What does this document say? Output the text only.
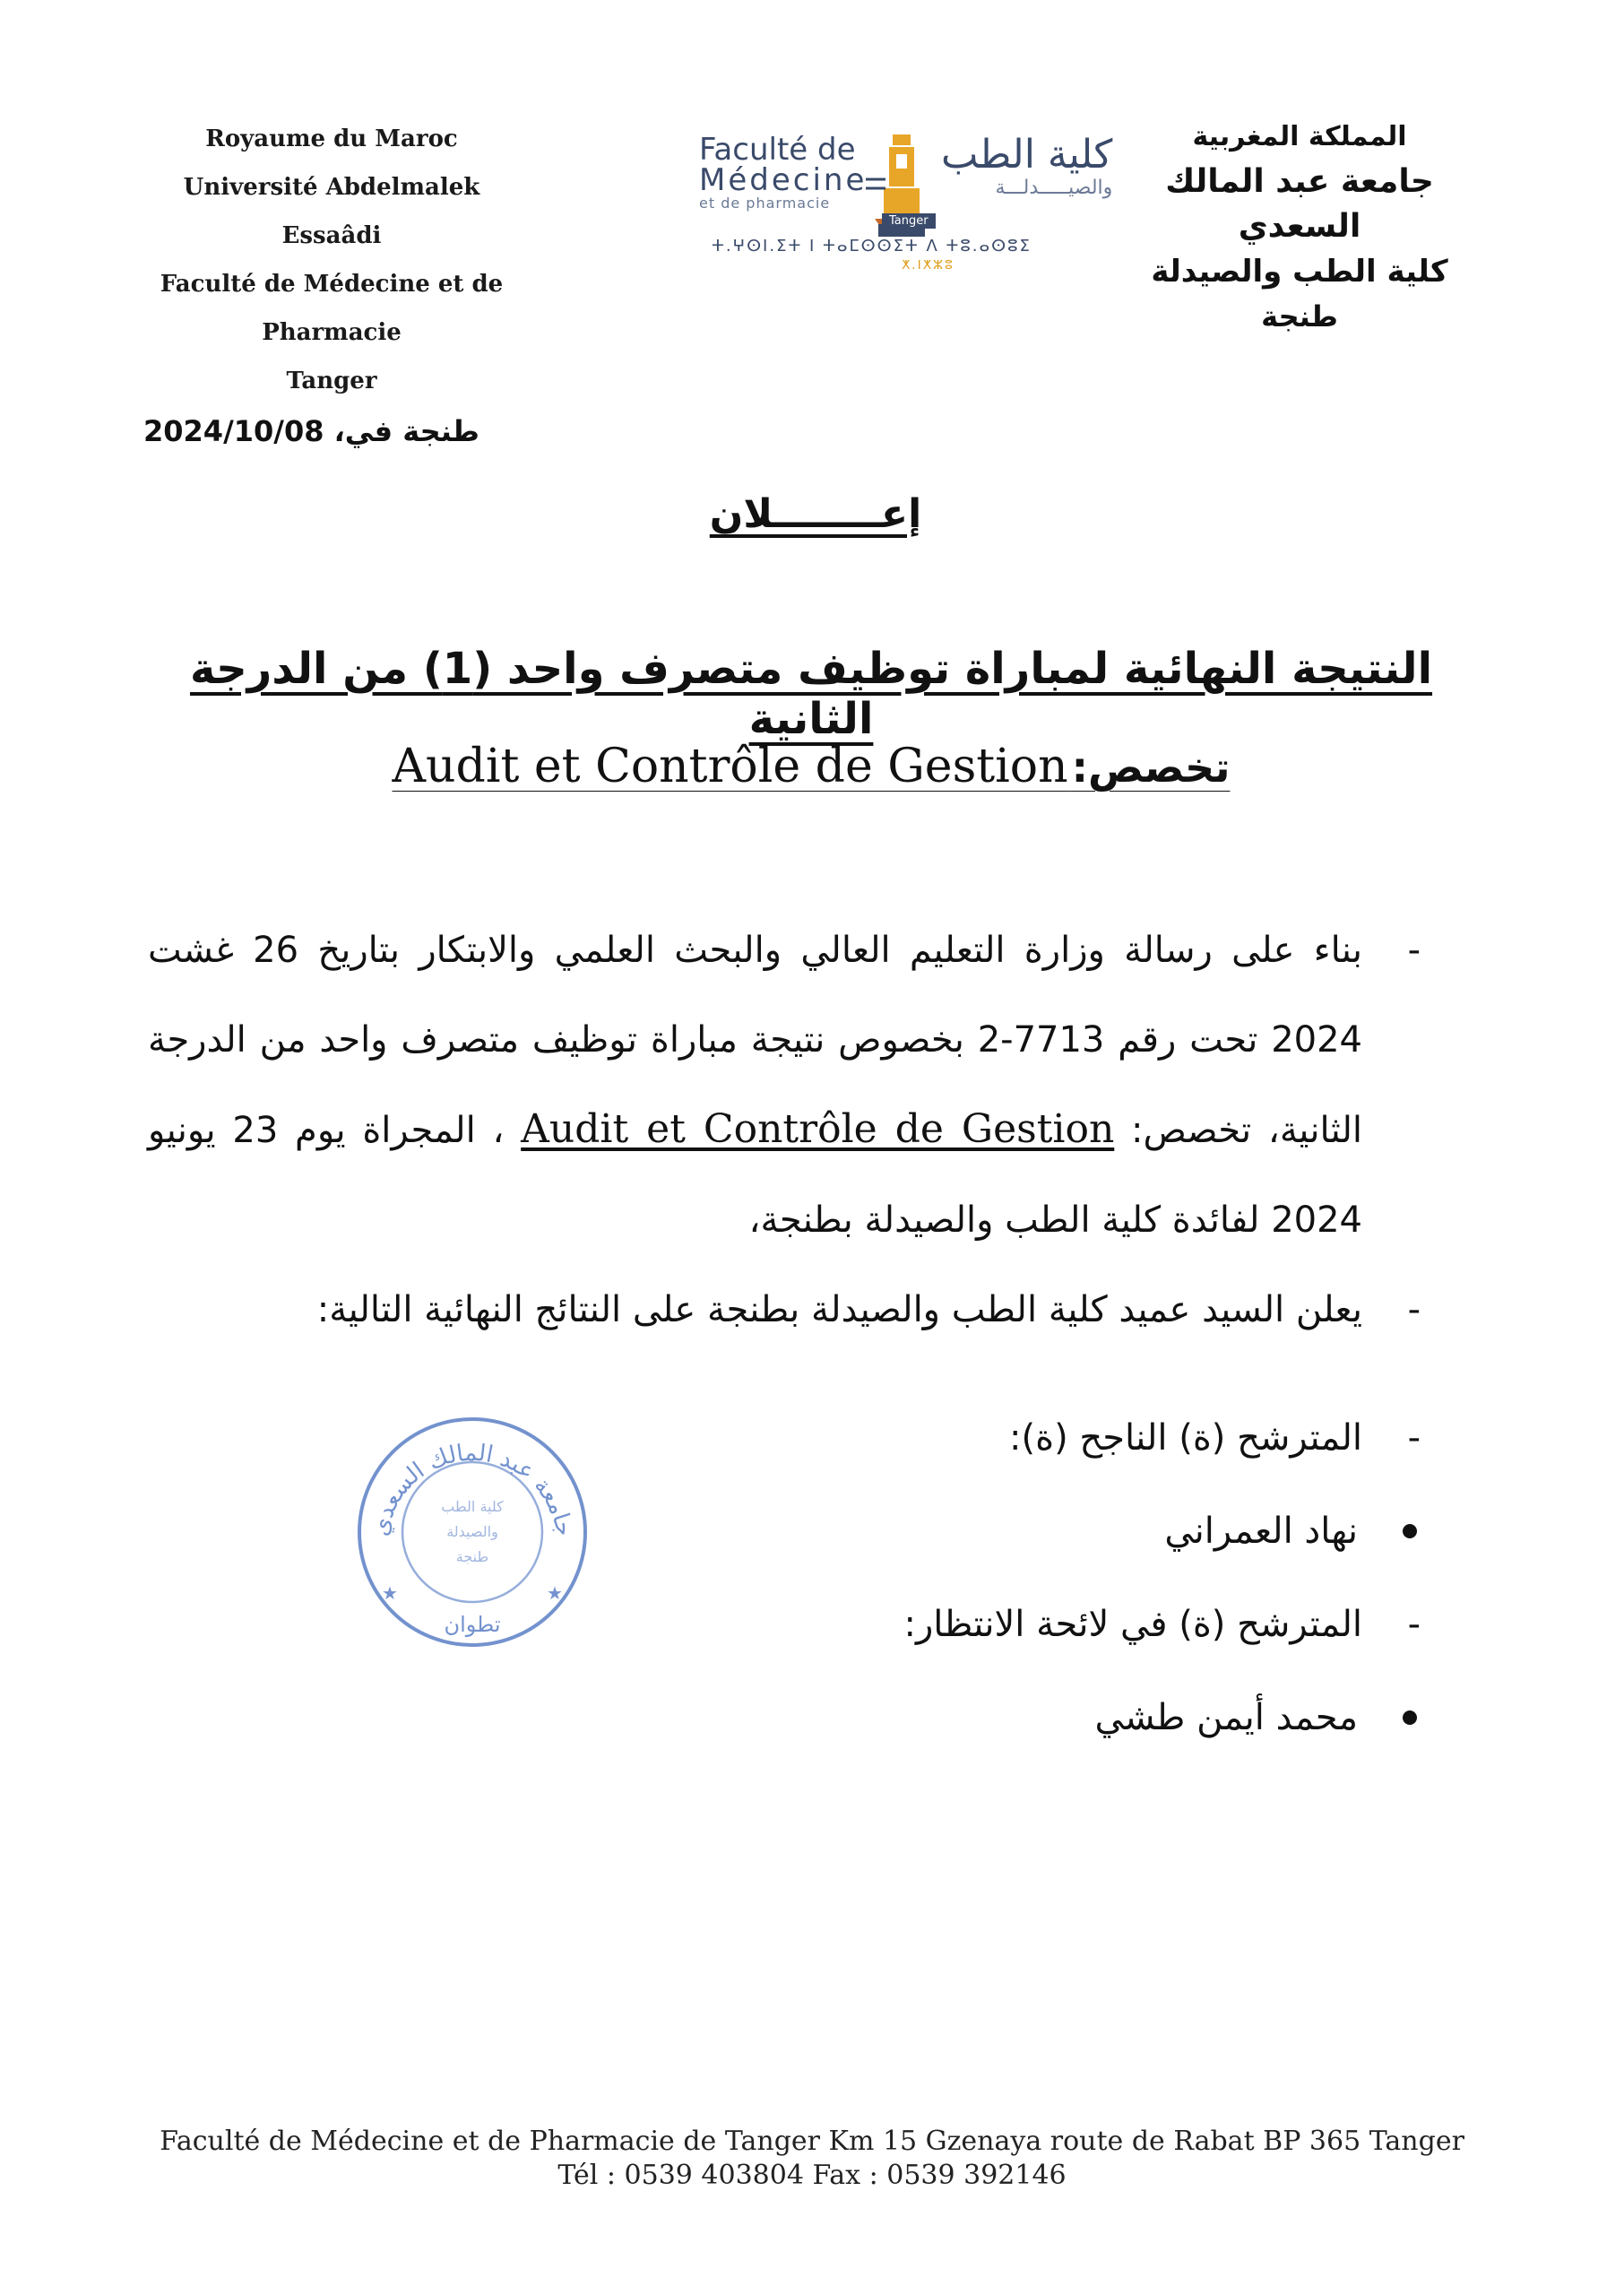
Royaume du Maroc
Université Abdelmalek Essaâdi
Faculté de Médecine et de Pharmacie
Tanger
Faculté de
Médecine
et de pharmacie
كلية الطب
والصيـــــدلـــة
ⵜ.ⵖⵙⵏ.ⵉⵜ Ⅰ ⵜⴰⵎⵙⵙⵉⵜ ⴷ ⵜⵓ.ⴰⵙⵓⵉ
Tanger
ⵅ.ⵏⵅⵣⵓ
المملكة المغربية
جامعة عبد المالك السعدي
كلية الطب والصيدلة
طنجة
طنجة في، 2024/10/08
إعــــــــلان
النتيجة النهائية لمباراة توظيف متصرف واحد (1) من الدرجة الثانية
تخصص: Audit et Contrôle de Gestion
-
بناء على رسالة وزارة التعليم العالي والبحث العلمي والابتكار بتاريخ 26 غشت 2024 تحت رقم 7713-2 بخصوص نتيجة مباراة توظيف متصرف واحد من الدرجة الثانية، تخصص: Audit et Contrôle de Gestion ، المجراة يوم 23 يونيو 2024 لفائدة كلية الطب والصيدلة بطنجة،
-
يعلن السيد عميد كلية الطب والصيدلة بطنجة على النتائج النهائية التالية:
-
المترشح (ة) الناجح (ة):
نهاد العمراني
-
المترشح (ة) في لائحة الانتظار:
محمد أيمن طشي
جامعة عبد المالك السعدي
كلية الطب
والصيدلة
طنجة
تطوان
★	★
Faculté de Médecine et de Pharmacie de Tanger Km 15 Gzenaya route de Rabat BP 365 Tanger
Tél : 0539 403804 Fax : 0539 392146
